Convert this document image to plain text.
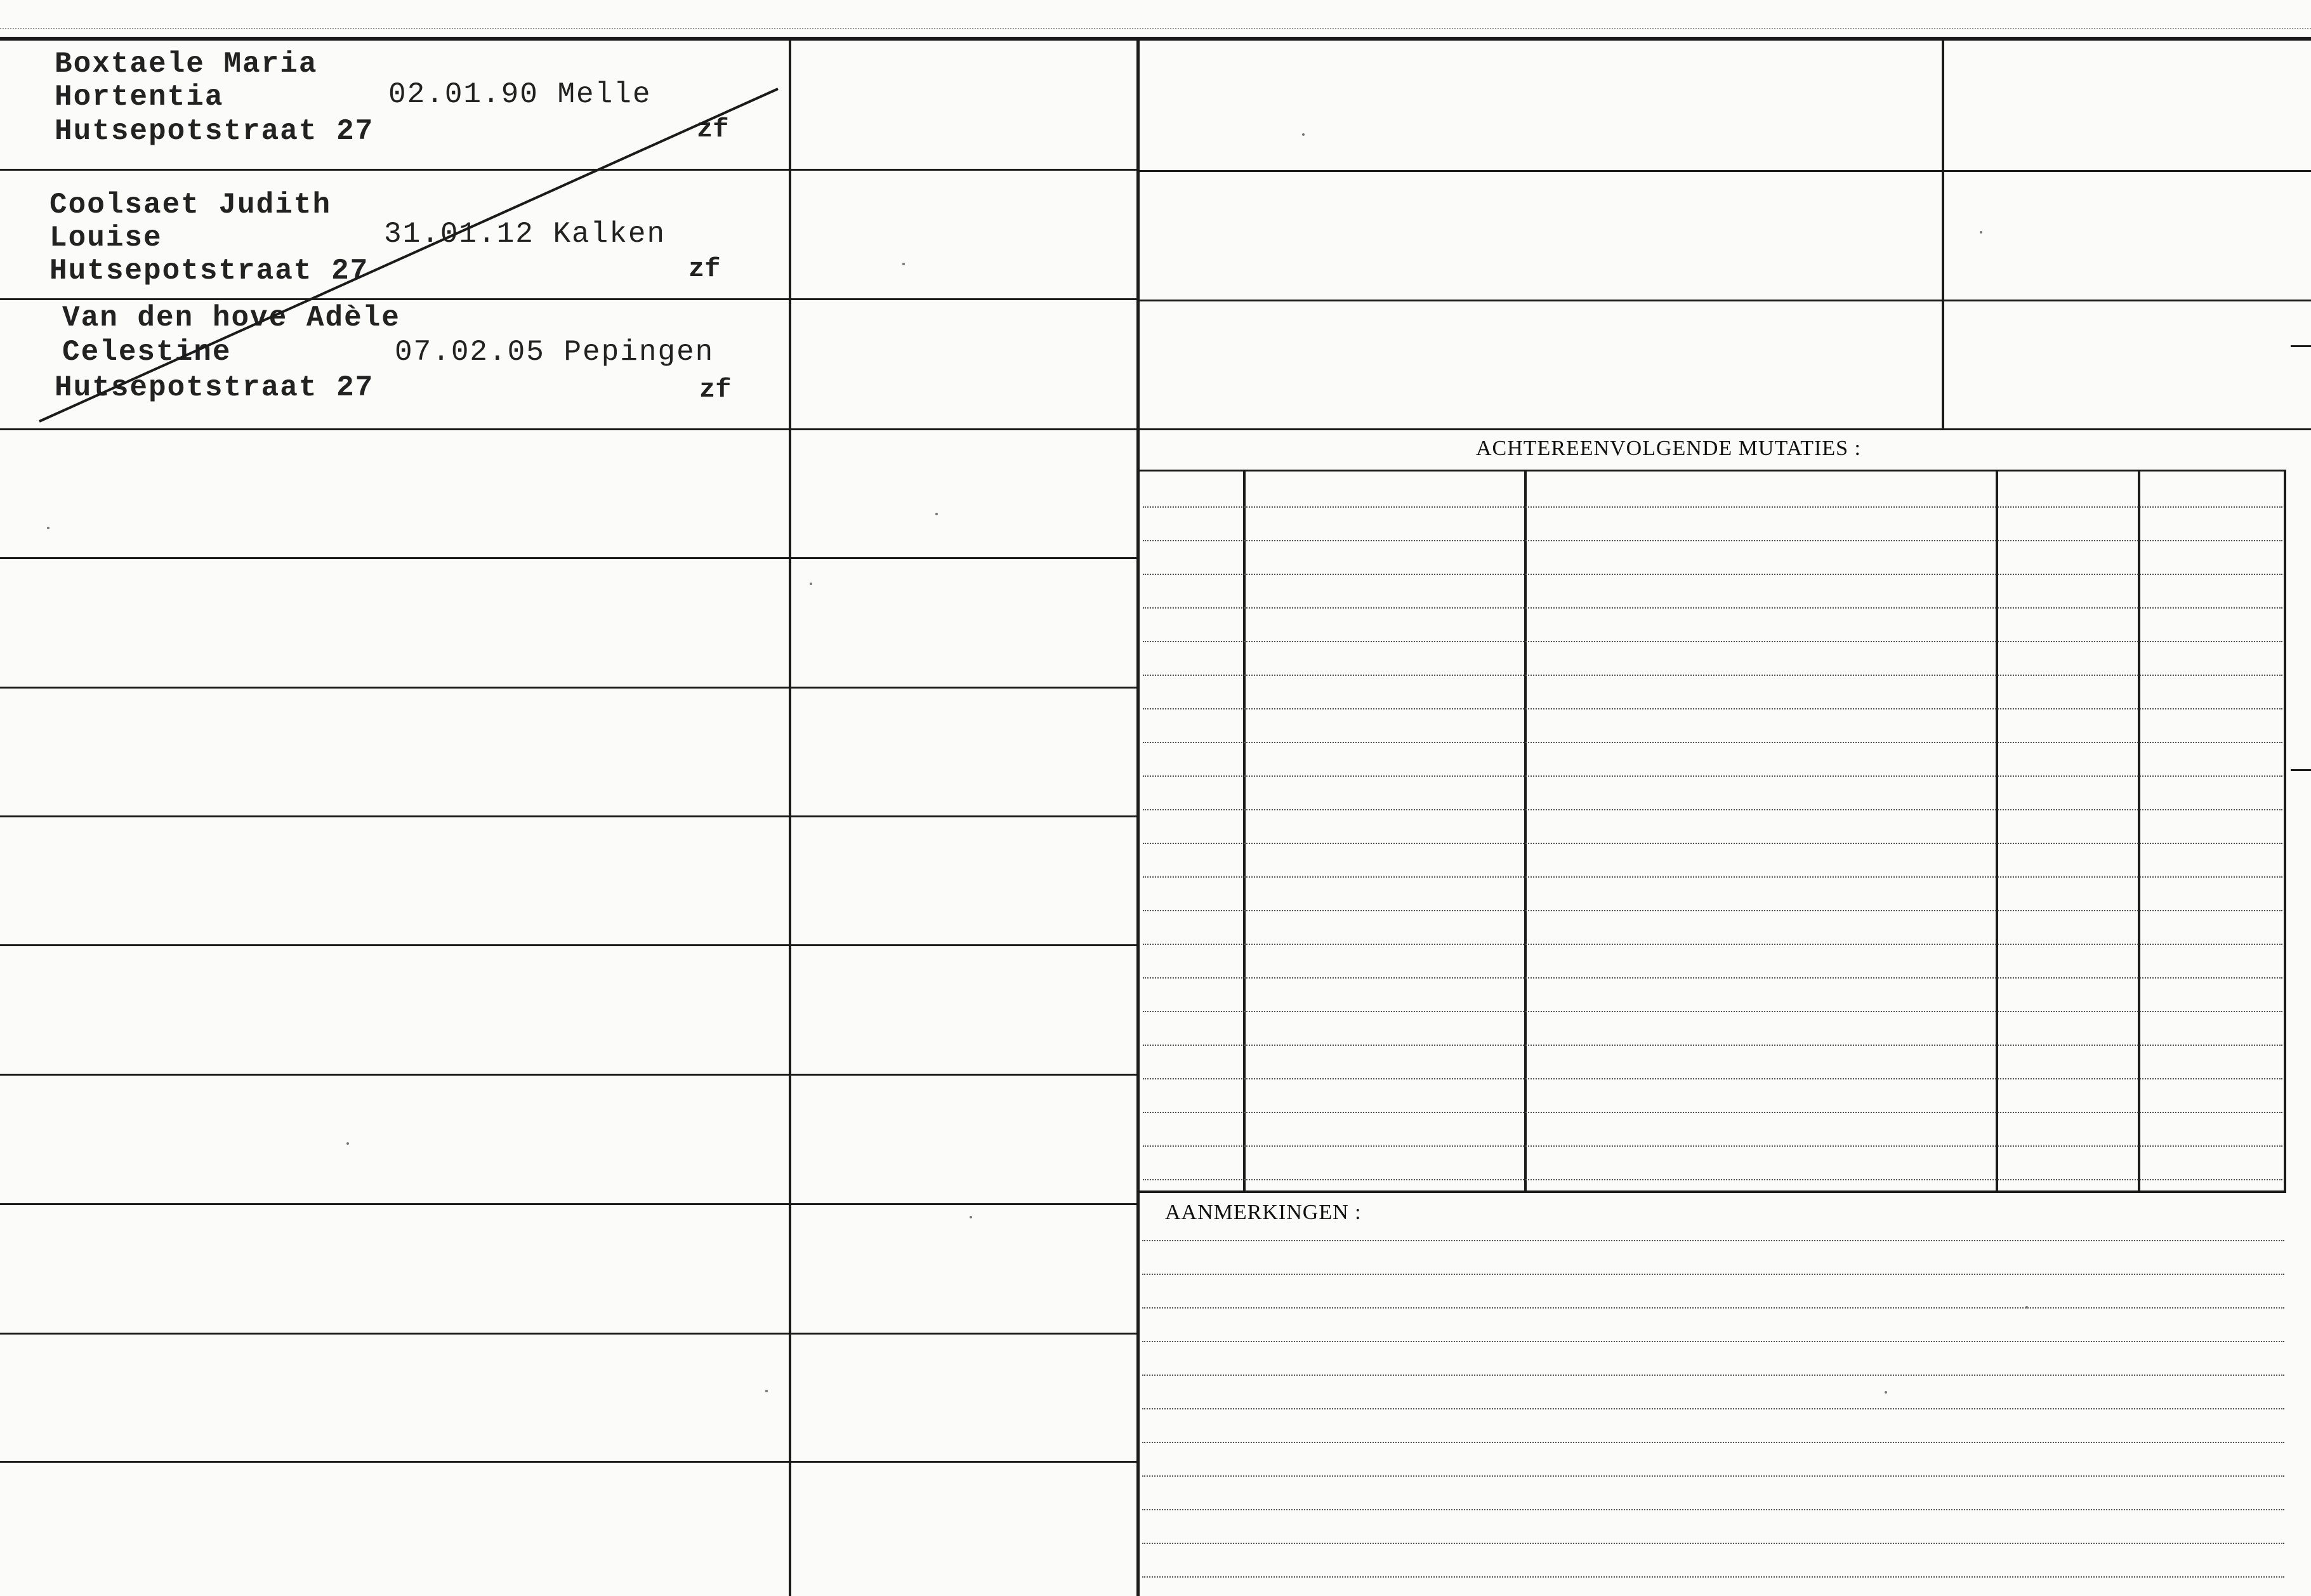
Boxtaele Maria
Hortentia
Hutsepotstraat 27
02.01.90 Melle
zf
Coolsaet Judith
Louise
Hutsepotstraat 27
31.01.12 Kalken
zf
Van den hove Adèle
Celestine
Hutsepotstraat 27
07.02.05 Pepingen
zf
ACHTEREENVOLGENDE MUTATIES :
AANMERKINGEN :
